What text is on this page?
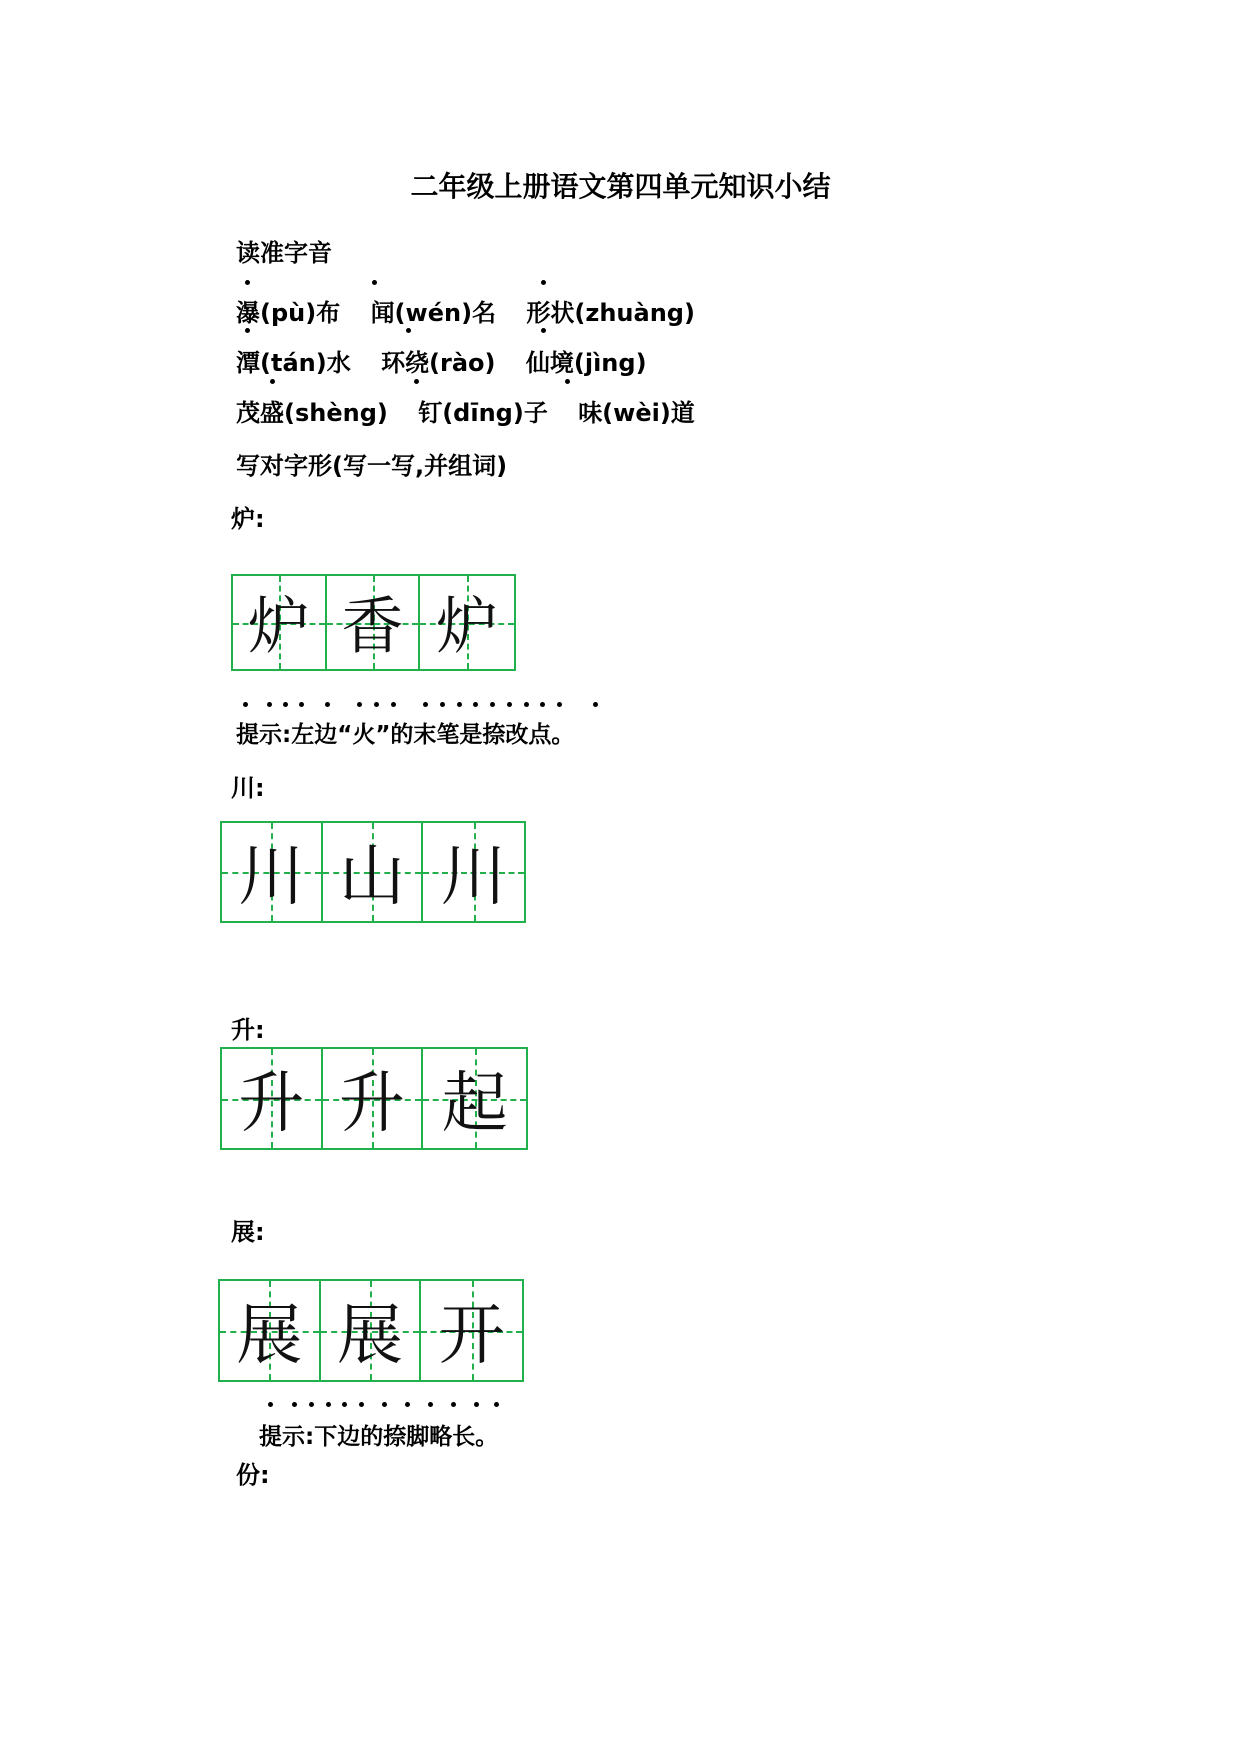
二年级上册语文第四单元知识小结
读准字音
瀑(pù)布 闻(wén)名 形状(zhuàng)
潭(tán)水 环绕(rào) 仙境(jìng)
茂盛(shèng) 钉(dīng)子 味(wèi)道
写对字形(写一写,并组词)
炉:
炉 香 炉
提示:左边“火”的末笔是捺改点。
川:
川 山 川
升:
升 升 起
展:
展 展 开
提示:下边的捺脚略长。
份:
